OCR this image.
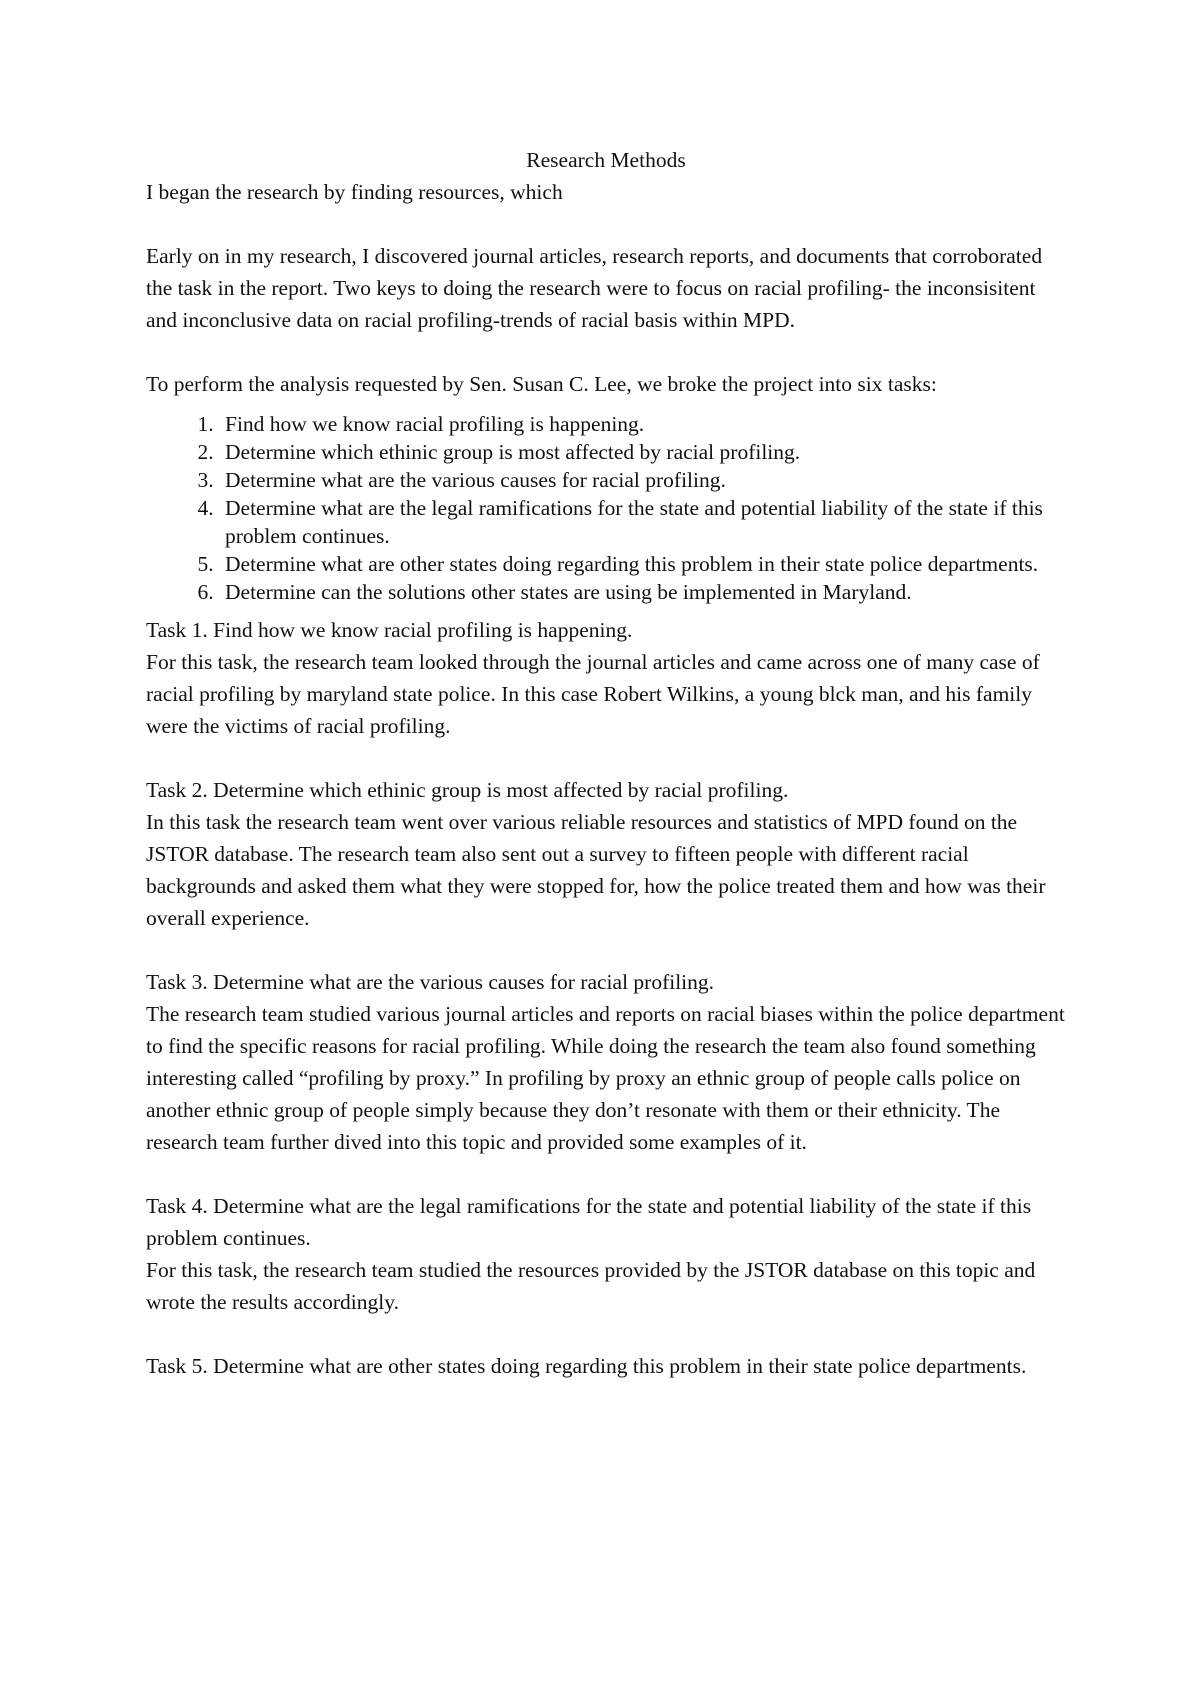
Research Methods

I began the research by finding resources, which

Early on in my research, I discovered journal articles, research reports, and documents that corroborated the task in the report. Two keys to doing the research were to focus on racial profiling- the inconsisitent and inconclusive data on racial profiling-trends of racial basis within MPD.

To perform the analysis requested by Sen. Susan C. Lee, we broke the project into six tasks:

1. Find how we know racial profiling is happening.
2. Determine which ethinic group is most affected by racial profiling.
3. Determine what are the various causes for racial profiling.
4. Determine what are the legal ramifications for the state and potential liability of the state if this problem continues.
5. Determine what are other states doing regarding this problem in their state police departments.
6. Determine can the solutions other states are using be implemented in Maryland.

Task 1. Find how we know racial profiling is happening.

For this task, the research team looked through the journal articles and came across one of many case of racial profiling by maryland state police. In this case Robert Wilkins, a young blck man, and his family were the victims of racial profiling.

Task 2. Determine which ethinic group is most affected by racial profiling.

In this task the research team went over various reliable resources and statistics of MPD found on the JSTOR database. The research team also sent out a survey to fifteen people with different racial backgrounds and asked them what they were stopped for, how the police treated them and how was their overall experience.

Task 3. Determine what are the various causes for racial profiling.

The research team studied various journal articles and reports on racial biases within the police department to find the specific reasons for racial profiling. While doing the research the team also found something interesting called “profiling by proxy.” In profiling by proxy an ethnic group of people calls police on another ethnic group of people simply because they don’t resonate with them or their ethnicity. The research team further dived into this topic and provided some examples of it.

Task 4. Determine what are the legal ramifications for the state and potential liability of the state if this problem continues.

For this task, the research team studied the resources provided by the JSTOR database on this topic and wrote the results accordingly.

Task 5. Determine what are other states doing regarding this problem in their state police departments.
